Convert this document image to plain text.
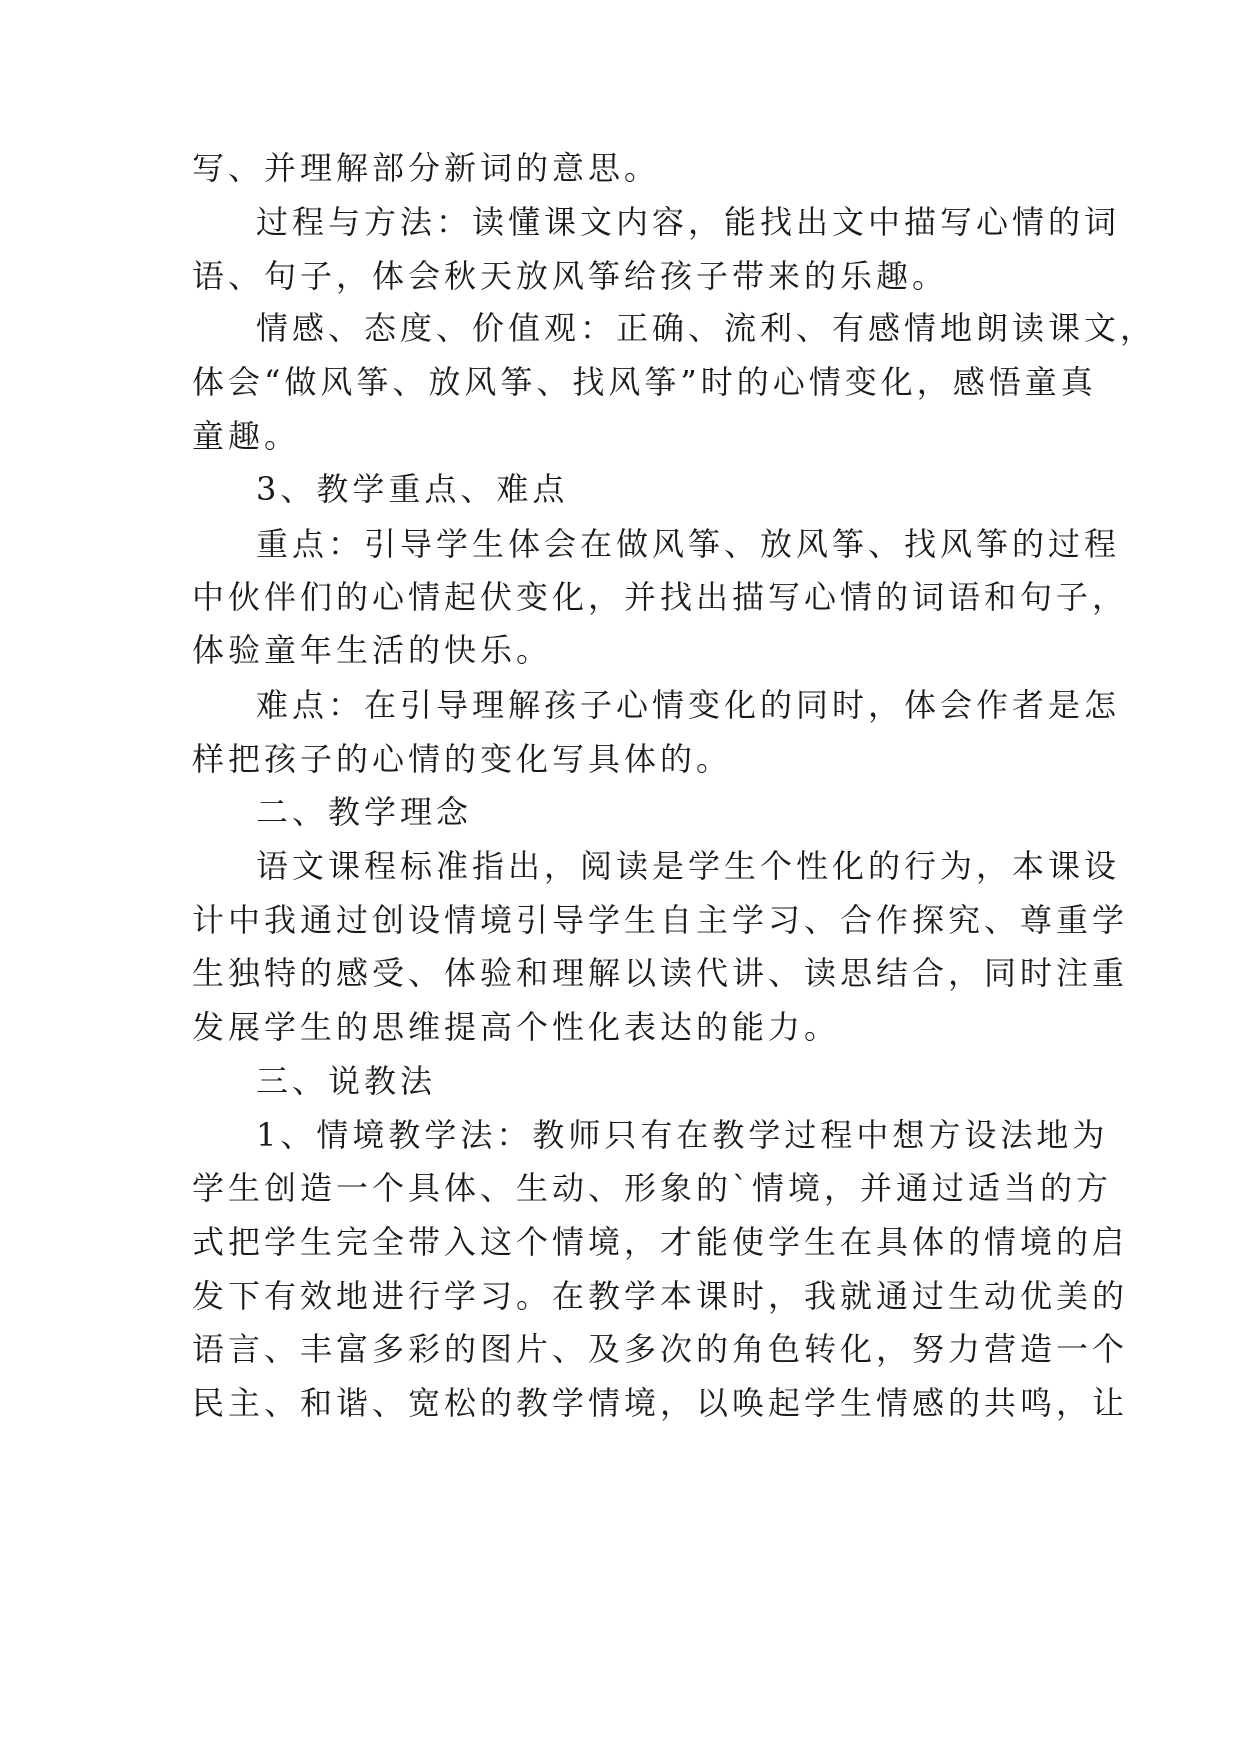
写、并理解部分新词的意思。
过程与方法：读懂课文内容，能找出文中描写心情的词
语、句子，体会秋天放风筝给孩子带来的乐趣。
情感、态度、价值观：正确、流利、有感情地朗读课文，
体会“做风筝、放风筝、找风筝”时的心情变化，感悟童真
童趣。
3、教学重点、难点
重点：引导学生体会在做风筝、放风筝、找风筝的过程
中伙伴们的心情起伏变化，并找出描写心情的词语和句子，
体验童年生活的快乐。
难点：在引导理解孩子心情变化的同时，体会作者是怎
样把孩子的心情的变化写具体的。
二、教学理念
语文课程标准指出，阅读是学生个性化的行为，本课设
计中我通过创设情境引导学生自主学习、合作探究、尊重学
生独特的感受、体验和理解以读代讲、读思结合，同时注重
发展学生的思维提高个性化表达的能力。
三、说教法
1、情境教学法：教师只有在教学过程中想方设法地为
学生创造一个具体、生动、形象的`情境，并通过适当的方
式把学生完全带入这个情境，才能使学生在具体的情境的启
发下有效地进行学习。在教学本课时，我就通过生动优美的
语言、丰富多彩的图片、及多次的角色转化，努力营造一个
民主、和谐、宽松的教学情境，以唤起学生情感的共鸣，让
